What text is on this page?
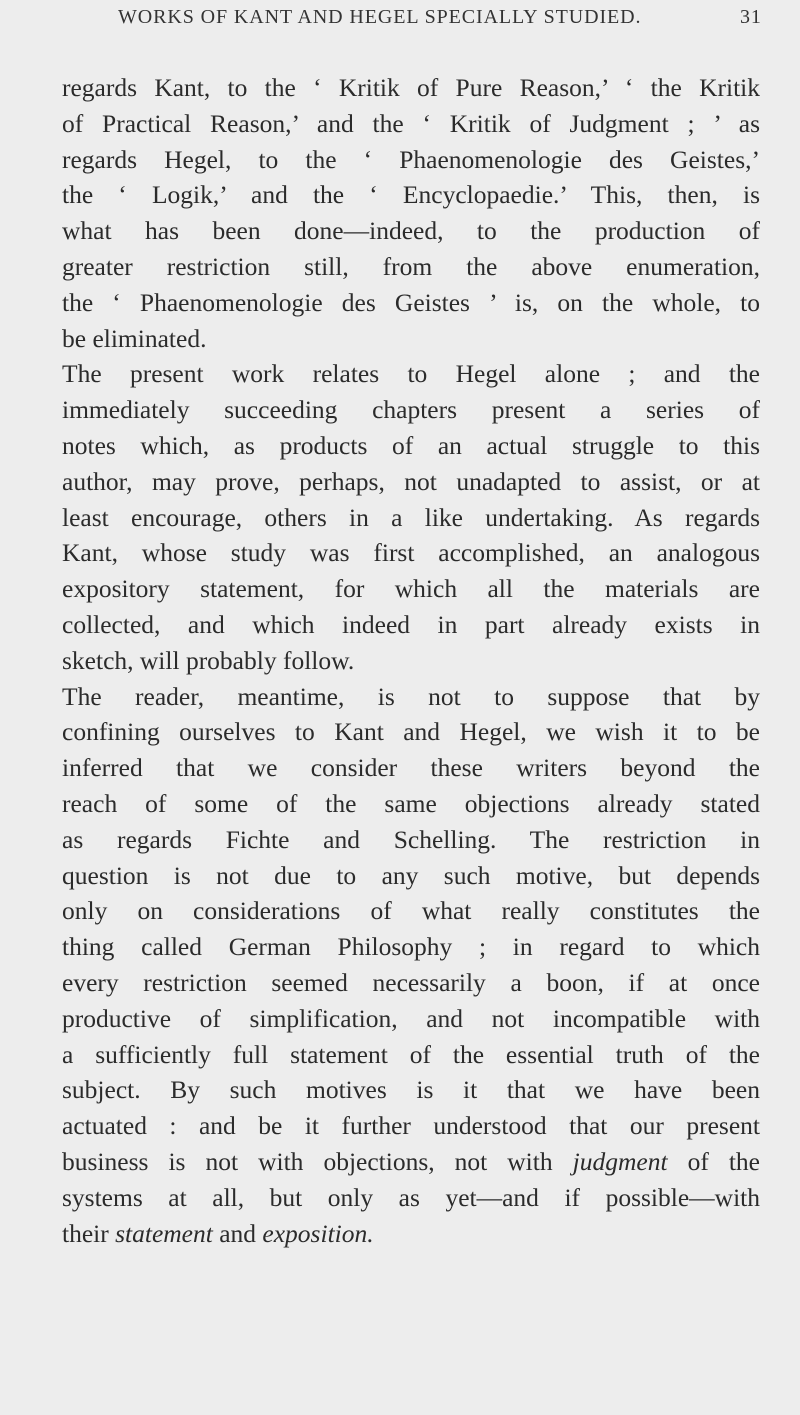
WORKS OF KANT AND HEGEL SPECIALLY STUDIED.	31
regards Kant, to the ‘ Kritik of Pure Reason,’ ‘ the Kritik
of Practical Reason,’ and the ‘ Kritik of Judgment ; ’ as
regards Hegel, to the ‘ Phaenomenologie des Geistes,’
the ‘ Logik,’ and the ‘ Encyclopaedie.’ This, then, is
what has been done—indeed, to the production of
greater restriction still, from the above enumeration,
the ‘ Phaenomenologie des Geistes ’ is, on the whole, to
be eliminated.
The present work relates to Hegel alone ; and the
immediately succeeding chapters present a series of
notes which, as products of an actual struggle to this
author, may prove, perhaps, not unadapted to assist, or at
least encourage, others in a like undertaking. As regards
Kant, whose study was first accomplished, an analogous
expository statement, for which all the materials are
collected, and which indeed in part already exists in
sketch, will probably follow.
The reader, meantime, is not to suppose that by
confining ourselves to Kant and Hegel, we wish it to be
inferred that we consider these writers beyond the
reach of some of the same objections already stated
as regards Fichte and Schelling. The restriction in
question is not due to any such motive, but depends
only on considerations of what really constitutes the
thing called German Philosophy ; in regard to which
every restriction seemed necessarily a boon, if at once
productive of simplification, and not incompatible with
a sufficiently full statement of the essential truth of the
subject. By such motives is it that we have been
actuated : and be it further understood that our present
business is not with objections, not with judgment of the
systems at all, but only as yet—and if possible—with
their statement and exposition.
